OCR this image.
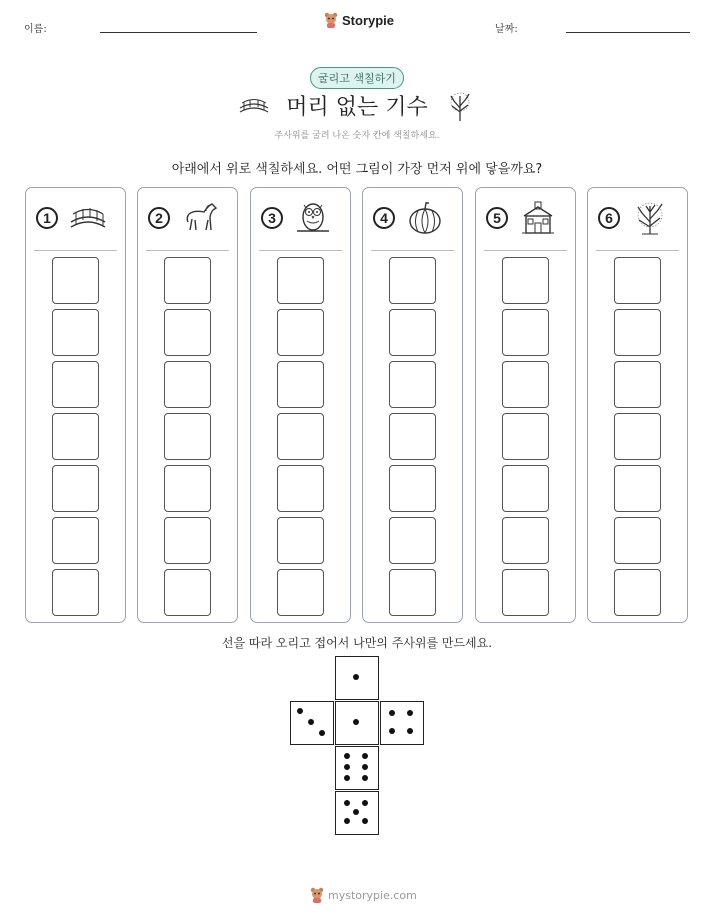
이름:
Storypie
날짜:
굴리고 색칠하기
머리 없는 기수
주사위를 굴려 나온 숫자 칸에 색칠하세요.
아래에서 위로 색칠하세요. 어떤 그림이 가장 먼저 위에 닿을까요?
1	2	3	4	5	6
선을 따라 오리고 접어서 나만의 주사위를 만드세요.
mystorypie.com
